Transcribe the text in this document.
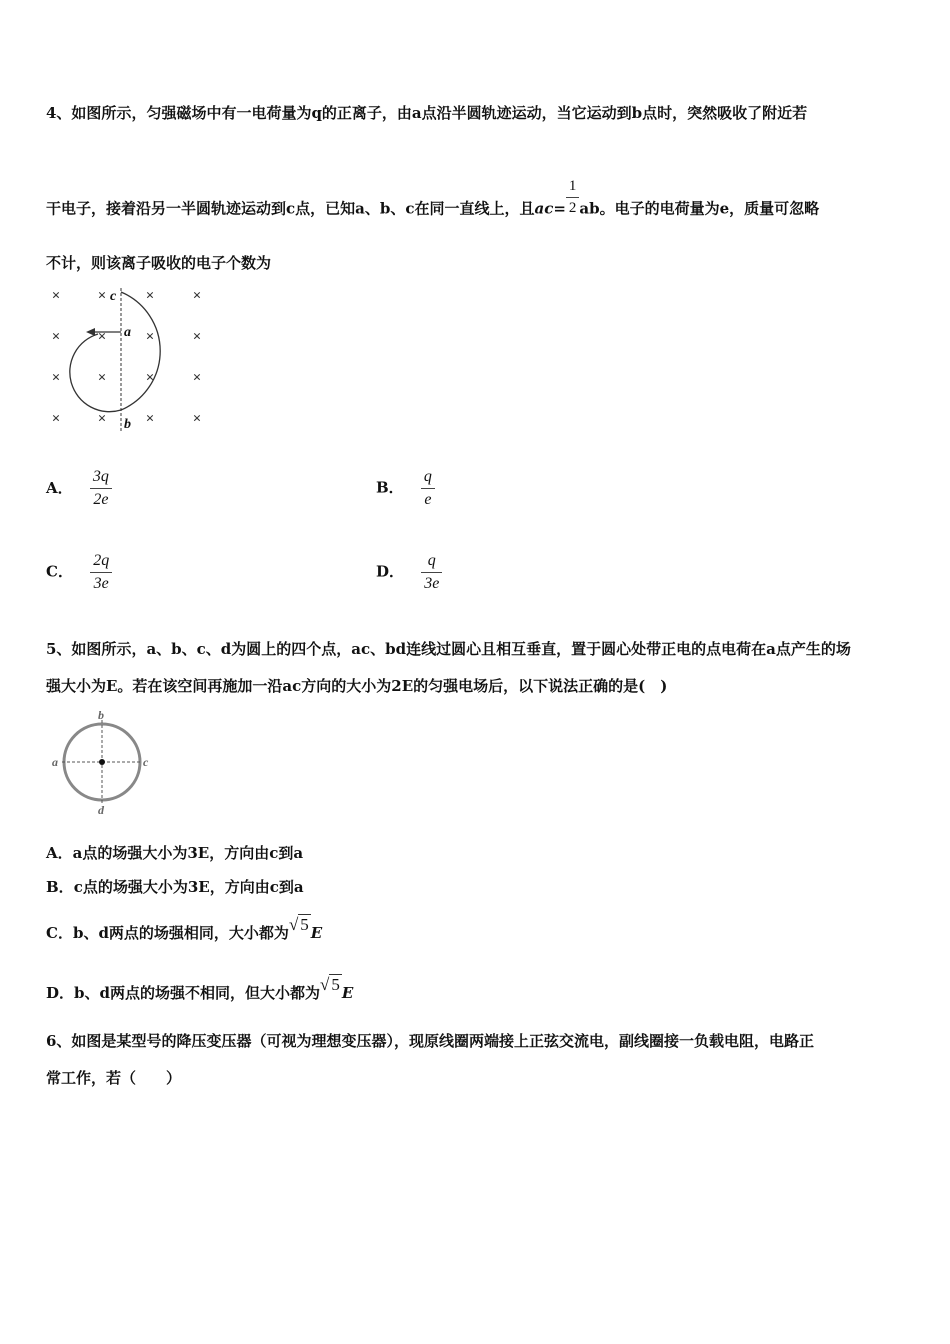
4、如图所示，匀强磁场中有一电荷量为q的正离子，由a点沿半圆轨迹运动，当它运动到b点时，突然吸收了附近若
干电子，接着沿另一半圆轨迹运动到c点，已知a、b、c在同一直线上，且$ac= \frac{1}{2}$ ab。电子的电荷量为e，质量可忽略
不计，则该离子吸收的电子个数为
× ×	×	×
× ×	×	×
× ×	×	×
× ×	×	×
a
b
c
A． $\frac{3q}{2e}$	B． $\frac{q}{e}$
C． $\frac{2q}{3e}$	D． $\frac{q}{3e}$
5、如图所示，a、b、c、d为圆上的四个点，ac、bd连线过圆心且相互垂直，置于圆心处带正电的点电荷在a点产生的场
强大小为E。若在该空间再施加一沿ac方向的大小为2E的匀强电场后，以下说法正确的是(　)
a
b
c
d
A．a点的场强大小为3E，方向由c到a
B．c点的场强大小为3E，方向由c到a
C．b、d两点的场强相同，大小都为√ 5 E
D．b、d两点的场强不相同，但大小都为√ 5 E
6、如图是某型号的降压变压器（可视为理想变压器），现原线圈两端接上正弦交流电，副线圈接一负载电阻，电路正
常工作，若（　　）
